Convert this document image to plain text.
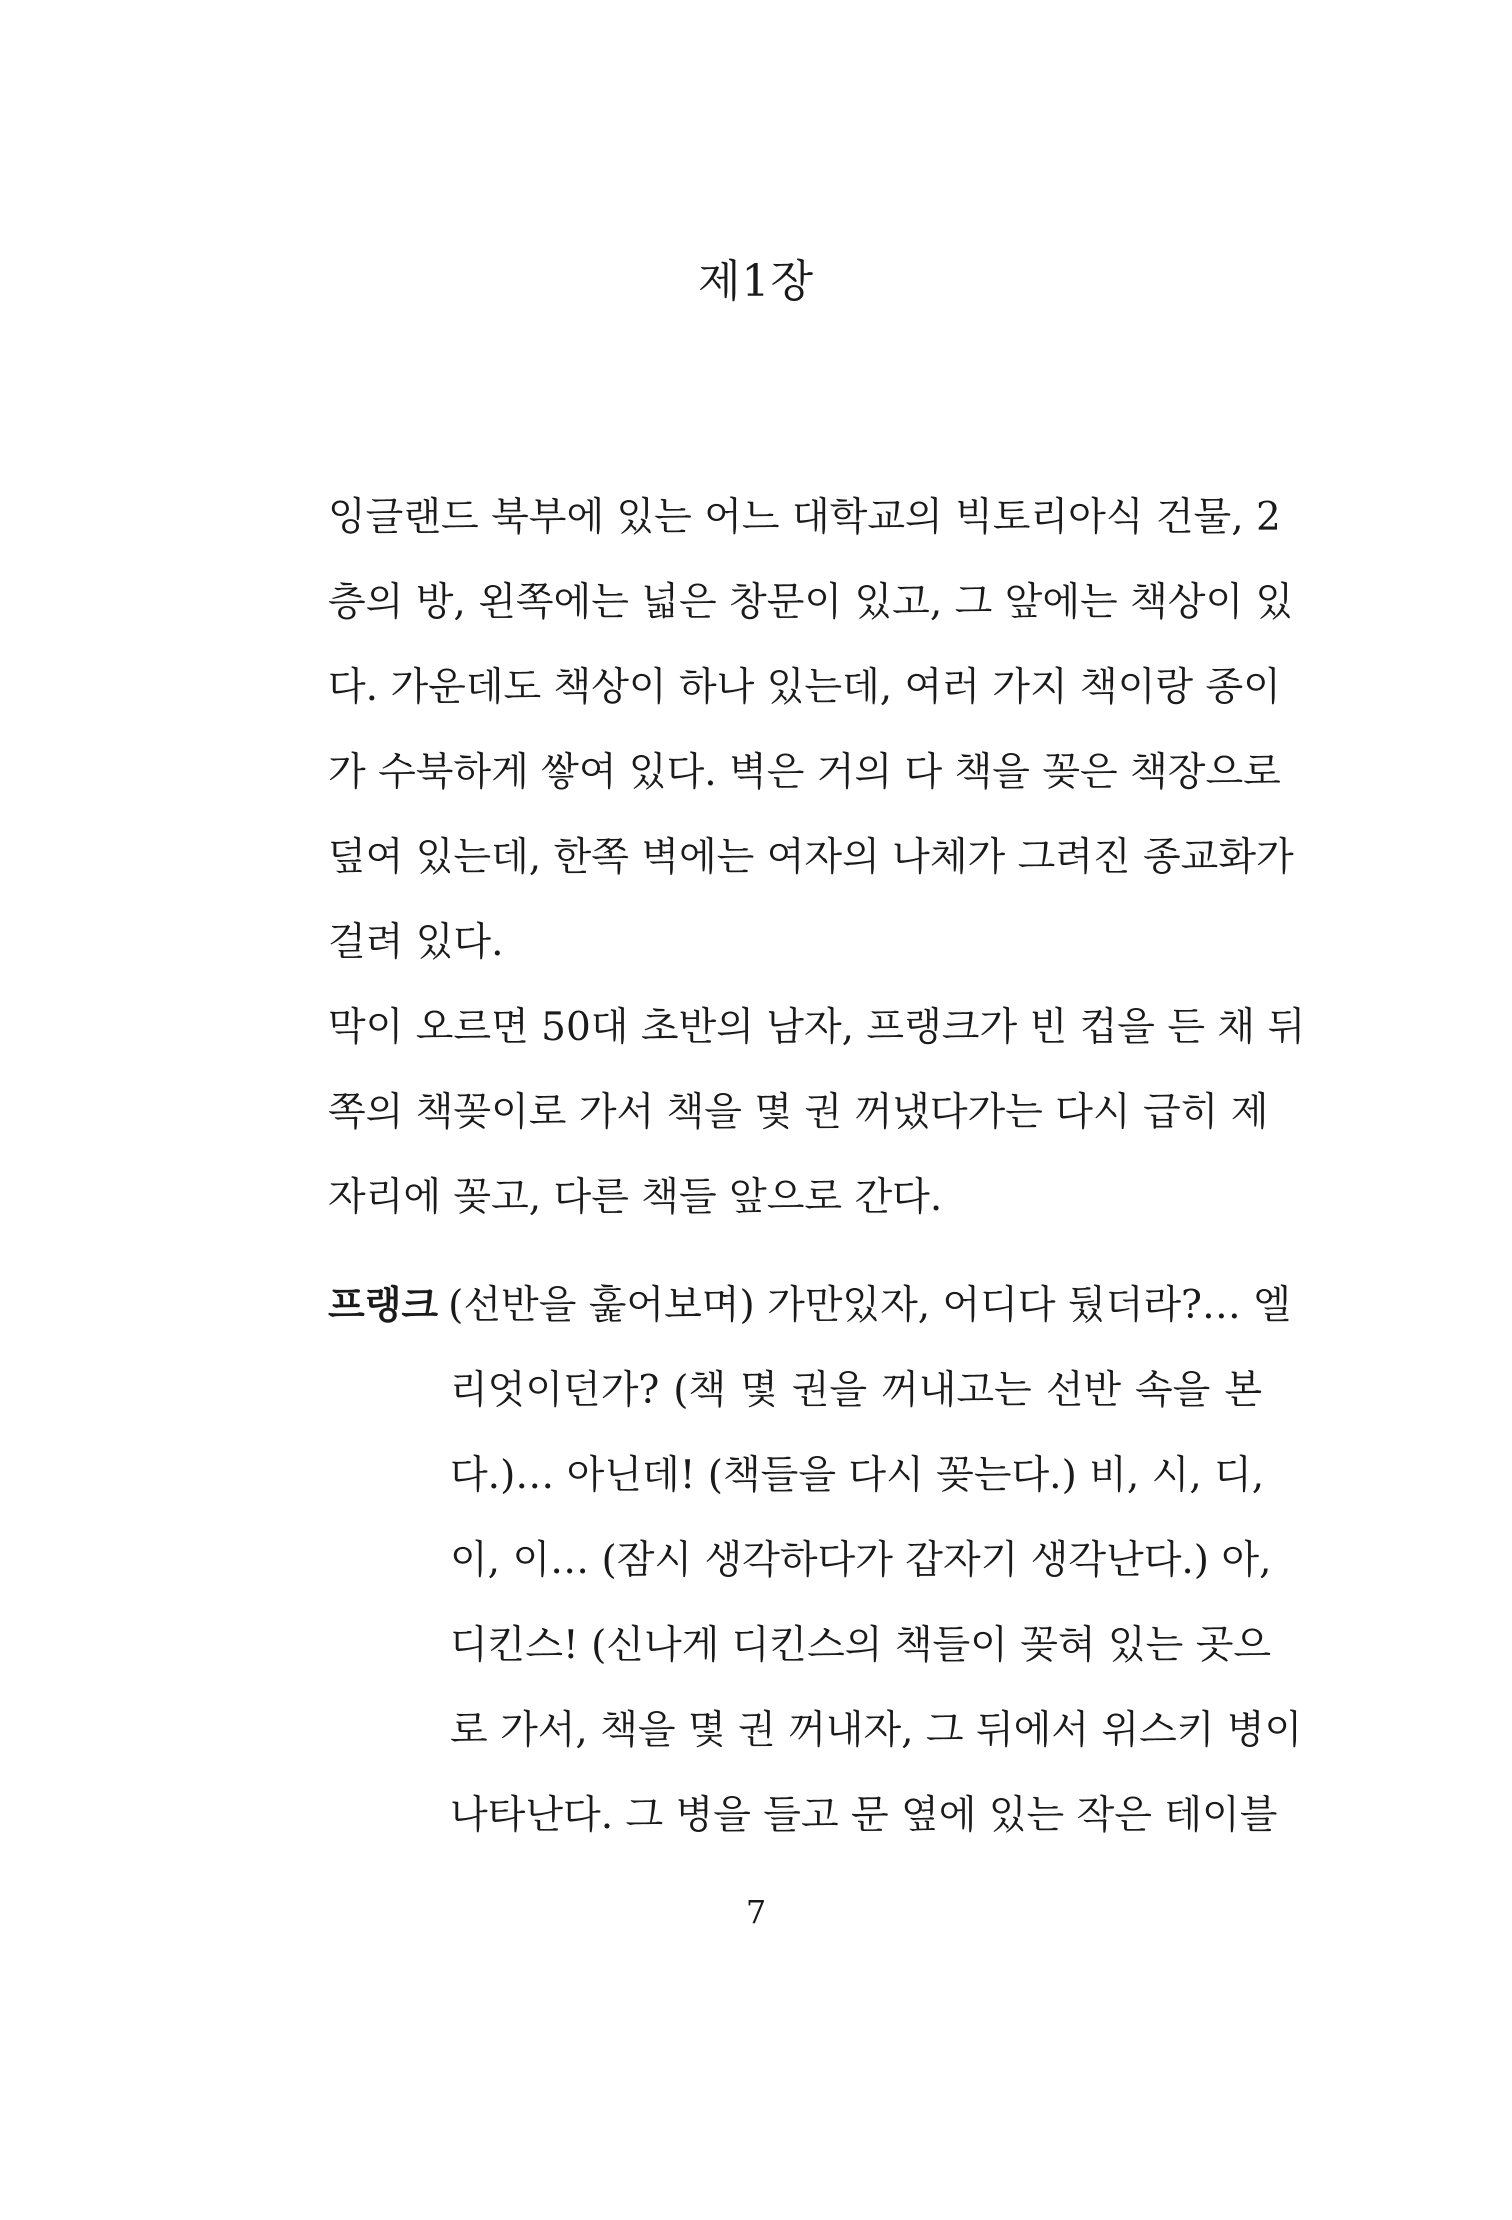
제1장
잉글랜드 북부에 있는 어느 대학교의 빅토리아식 건물, 2
층의 방, 왼쪽에는 넓은 창문이 있고, 그 앞에는 책상이 있
다. 가운데도 책상이 하나 있는데, 여러 가지 책이랑 종이
가 수북하게 쌓여 있다. 벽은 거의 다 책을 꽂은 책장으로
덮여 있는데, 한쪽 벽에는 여자의 나체가 그려진 종교화가
걸려 있다.
막이 오르면 50대 초반의 남자, 프랭크가 빈 컵을 든 채 뒤
쪽의 책꽂이로 가서 책을 몇 권 꺼냈다가는 다시 급히 제
자리에 꽂고, 다른 책들 앞으로 간다.
프랭크 (선반을 훑어보며) 가만있자, 어디다 뒀더라?… 엘
리엇이던가? (책 몇 권을 꺼내고는 선반 속을 본
다.)… 아닌데! (책들을 다시 꽂는다.) 비, 시, 디,
이, 이… (잠시 생각하다가 갑자기 생각난다.) 아,
디킨스! (신나게 디킨스의 책들이 꽂혀 있는 곳으
로 가서, 책을 몇 권 꺼내자, 그 뒤에서 위스키 병이
나타난다. 그 병을 들고 문 옆에 있는 작은 테이블
7
